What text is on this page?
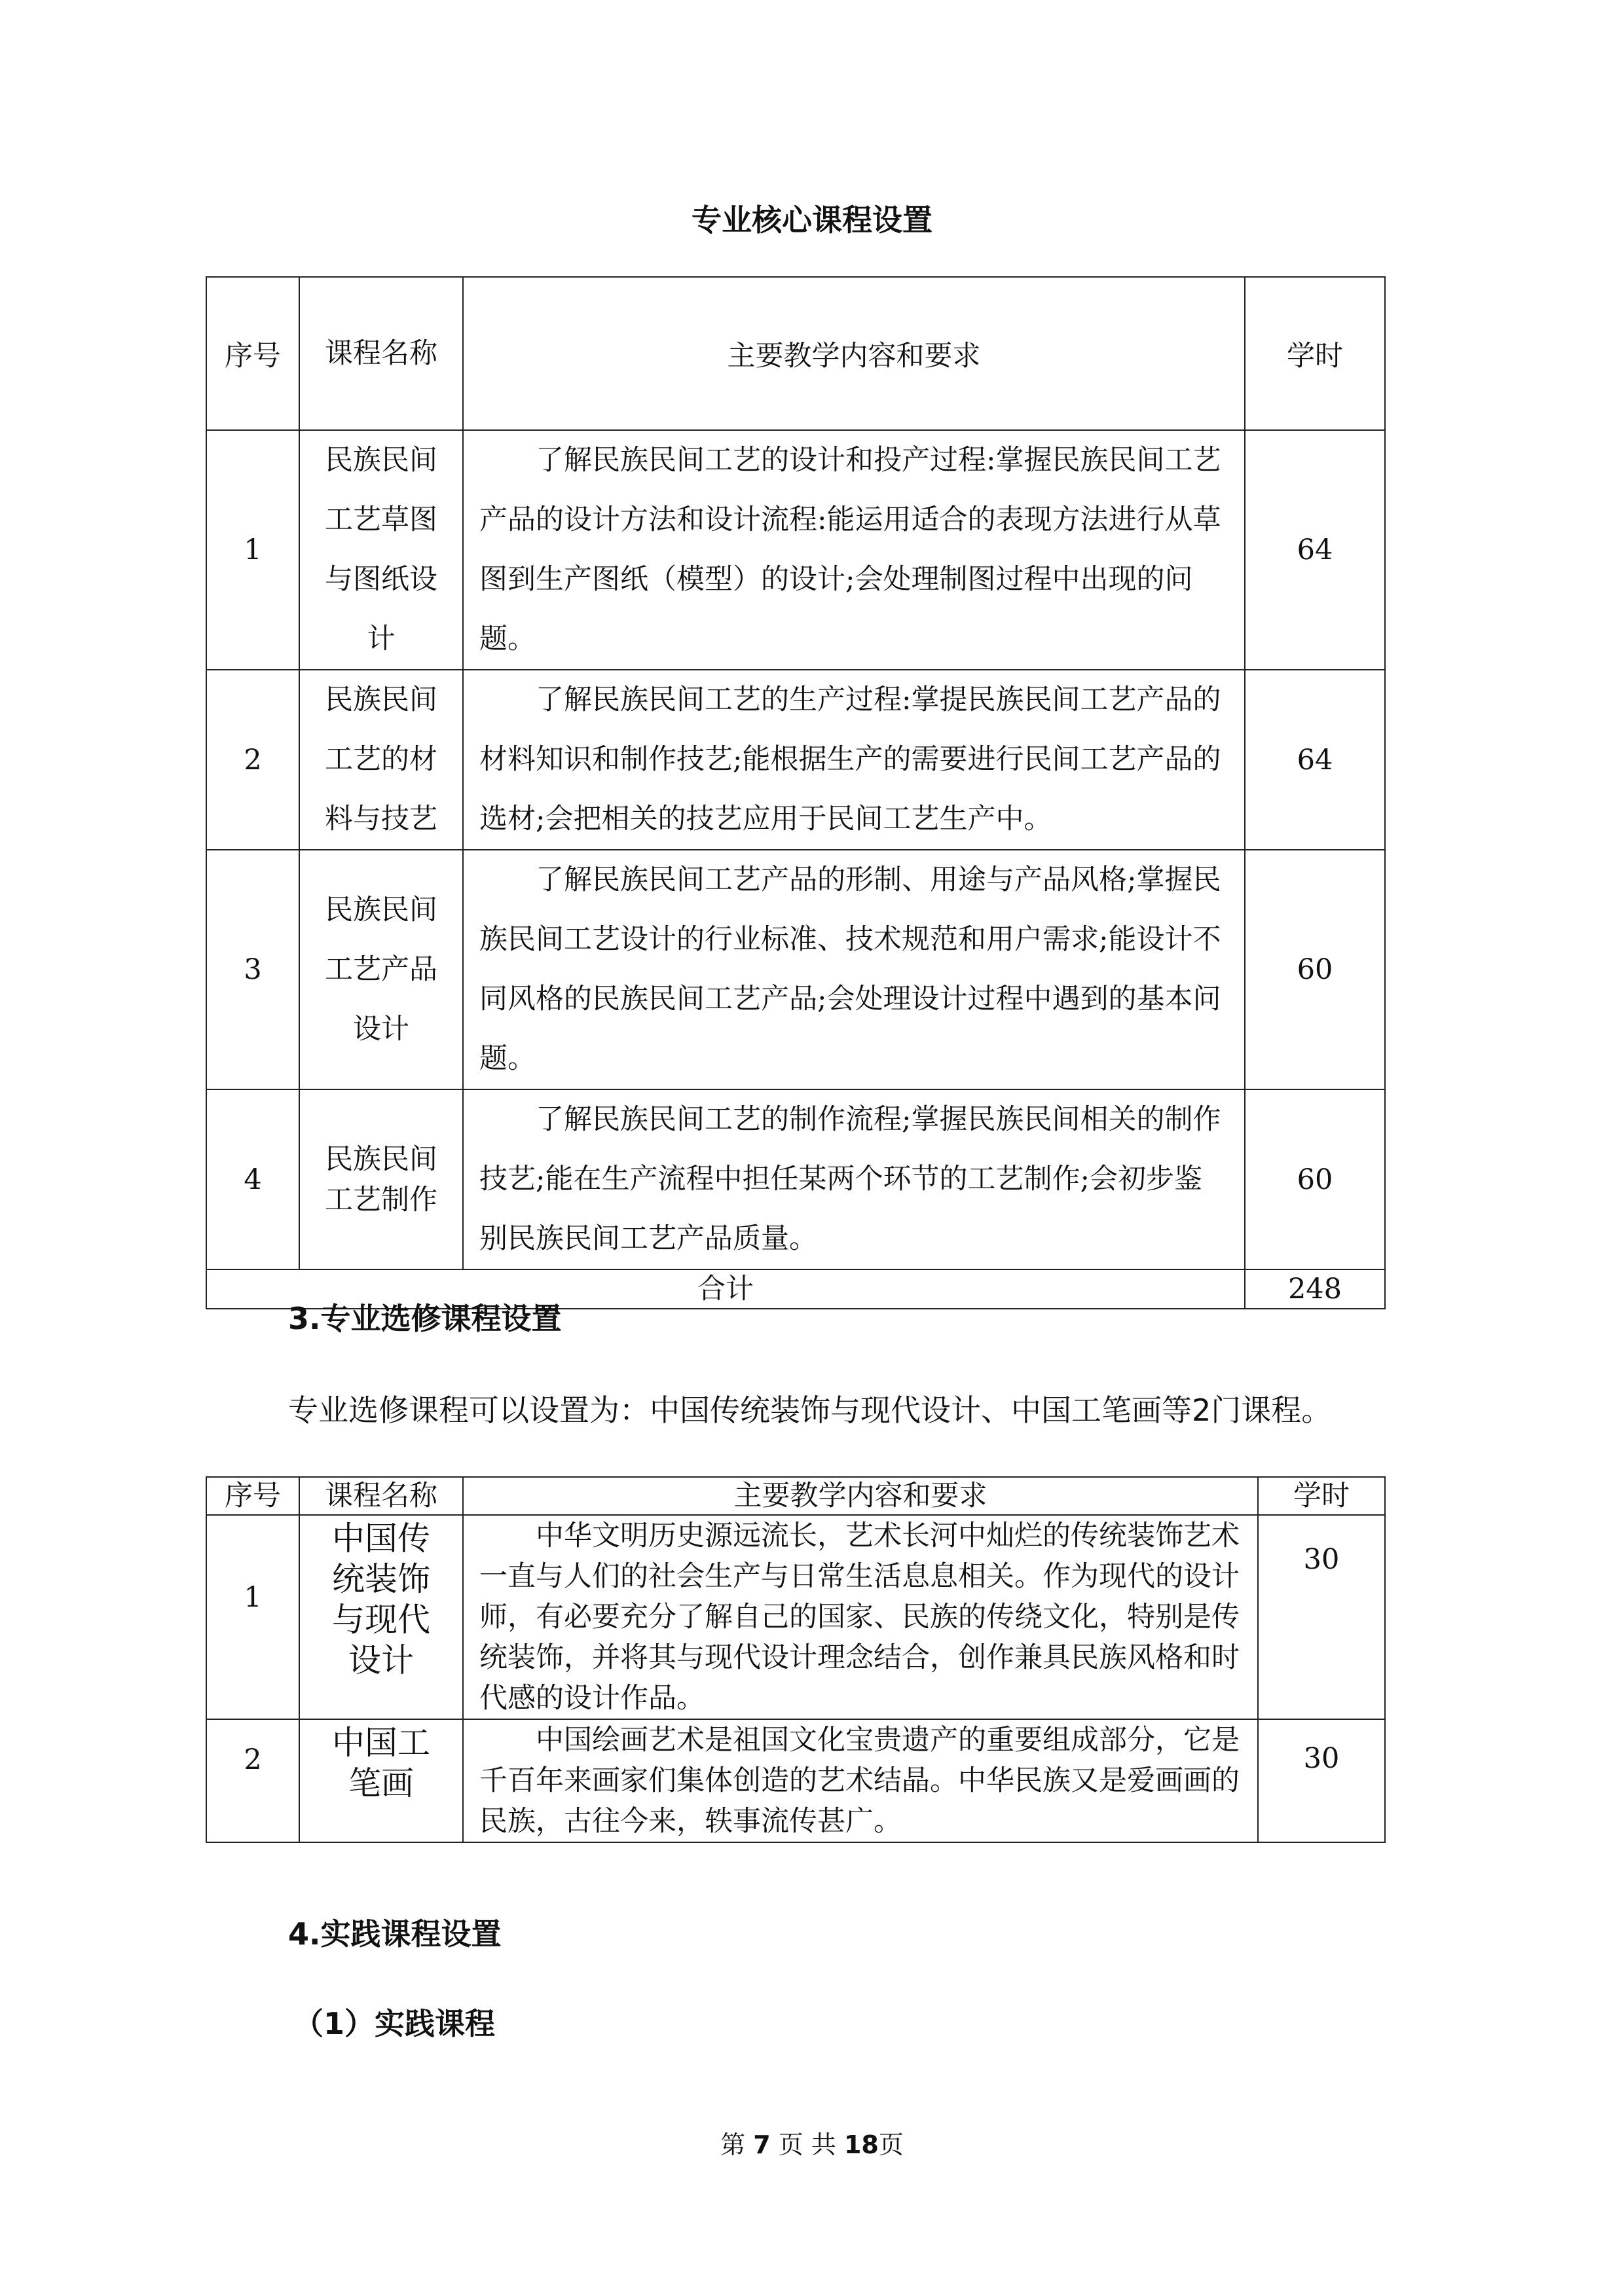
专业核心课程设置
序号	课程名称	主要教学内容和要求	学时
1	民族民间工艺草图与图纸设计	了解民族民间工艺的设计和投产过程:掌握民族民间工艺产品的设计方法和设计流程:能运用适合的表现方法进行从草图到生产图纸（模型）的设计;会处理制图过程中出现的问题。	64
2	民族民间工艺的材料与技艺	了解民族民间工艺的生产过程:掌提民族民间工艺产品的材料知识和制作技艺;能根据生产的需要进行民间工艺产品的选材;会把相关的技艺应用于民间工艺生产中。	64
3	民族民间工艺产品设计	了解民族民间工艺产品的形制、用途与产品风格;掌握民族民间工艺设计的行业标准、技术规范和用户需求;能设计不同风格的民族民间工艺产品;会处理设计过程中遇到的基本问题。	60
4	民族民间工艺制作	了解民族民间工艺的制作流程;掌握民族民间相关的制作技艺;能在生产流程中担任某两个环节的工艺制作;会初步鉴别民族民间工艺产品质量。	60
合计			248
3.专业选修课程设置
专业选修课程可以设置为：中国传统装饰与现代设计、中国工笔画等2门课程。
序号	课程名称	主要教学内容和要求	学时

1	中国传统装饰与现代设计	中华文明历史源远流长，艺术长河中灿烂的传统装饰艺术一直与人们的社会生产与日常生活息息相关。作为现代的设计师，有必要充分了解自己的国家、民族的传绕文化，特别是传统装饰，并将其与现代设计理念结合，创作兼具民族风格和时代感的设计作品。	30

2	中国工笔画	中国绘画艺术是祖国文化宝贵遗产的重要组成部分，它是千百年来画家们集体创造的艺术结晶。中华民族又是爱画画的民族，古往今来，轶事流传甚广。	30
4.实践课程设置
（1）实践课程
第 7 页 共 18页
